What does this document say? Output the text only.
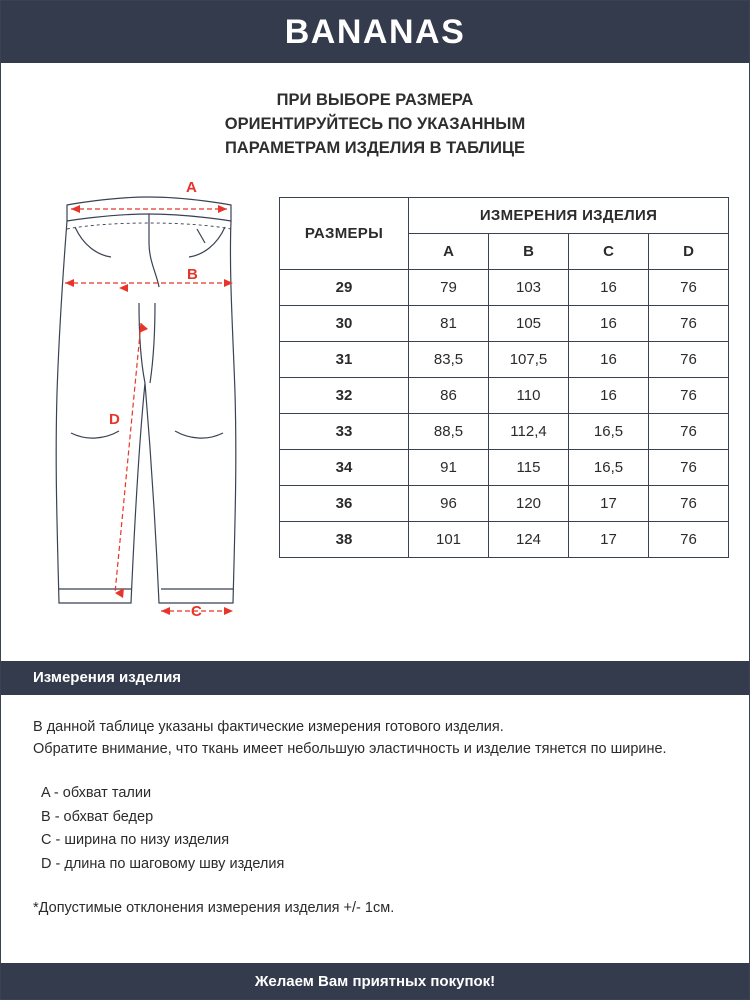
BANANAS
ПРИ ВЫБОРЕ РАЗМЕРА
ОРИЕНТИРУЙТЕСЬ ПО УКАЗАННЫМ
ПАРАМЕТРАМ ИЗДЕЛИЯ В ТАБЛИЦЕ
A
B
C
D
РАЗМЕРЫ	ИЗМЕРЕНИЯ ИЗДЕЛИЯ			
	A	B	C	D
29	79	103	16	76
30	81	105	16	76
31	83,5	107,5	16	76
32	86	110	16	76
33	88,5	112,4	16,5	76
34	91	115	16,5	76
36	96	120	17	76
38	101	124	17	76
Измерения изделия

В данной таблице указаны фактические измерения готового изделия.

Обратите внимание, что ткань имеет небольшую эластичность и изделие тянется по ширине.

A - обхват талии
B - обхват бедер
C - ширина по низу изделия
D - длина по шаговому шву изделия
*Допустимые отклонения измерения изделия +/- 1см.
Желаем Вам приятных покупок!
